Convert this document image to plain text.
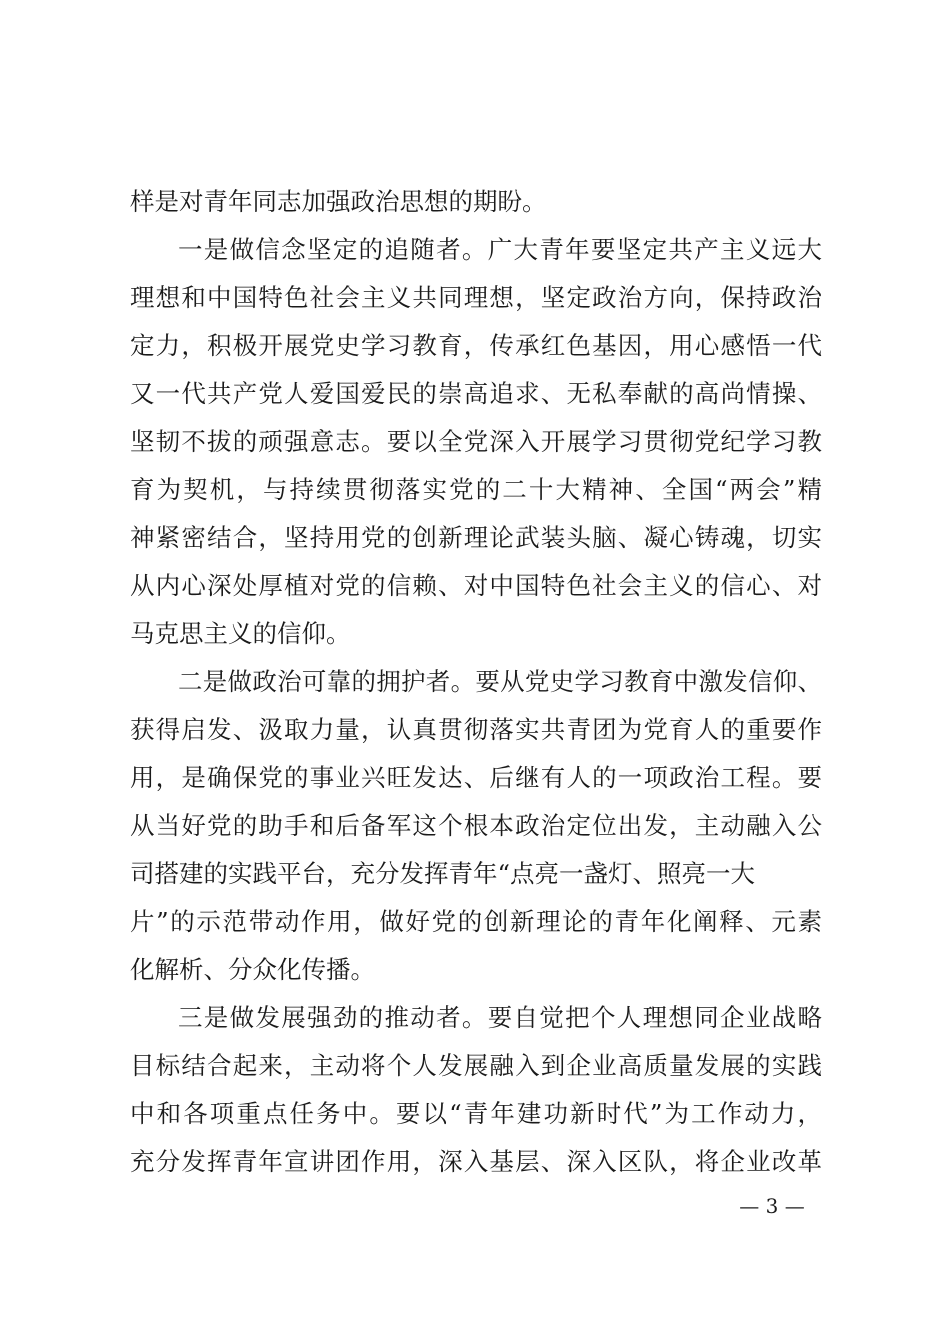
样是对青年同志加强政治思想的期盼。
一是做信念坚定的追随者。广大青年要坚定共产主义远大
理想和中国特色社会主义共同理想，坚定政治方向，保持政治
定力，积极开展党史学习教育，传承红色基因，用心感悟一代
又一代共产党人爱国爱民的崇高追求、无私奉献的高尚情操、
坚韧不拔的顽强意志。要以全党深入开展学习贯彻党纪学习教
育为契机，与持续贯彻落实党的二十大精神、全国“两会”精
神紧密结合，坚持用党的创新理论武装头脑、凝心铸魂，切实
从内心深处厚植对党的信赖、对中国特色社会主义的信心、对
马克思主义的信仰。
二是做政治可靠的拥护者。要从党史学习教育中激发信仰、
获得启发、汲取力量，认真贯彻落实共青团为党育人的重要作
用，是确保党的事业兴旺发达、后继有人的一项政治工程。要
从当好党的助手和后备军这个根本政治定位出发，主动融入公
司搭建的实践平台，充分发挥青年“点亮一盏灯、照亮一大
片”的示范带动作用，做好党的创新理论的青年化阐释、元素
化解析、分众化传播。
三是做发展强劲的推动者。要自觉把个人理想同企业战略
目标结合起来，主动将个人发展融入到企业高质量发展的实践
中和各项重点任务中。要以“青年建功新时代”为工作动力，
充分发挥青年宣讲团作用，深入基层、深入区队，将企业改革
— 3 —
